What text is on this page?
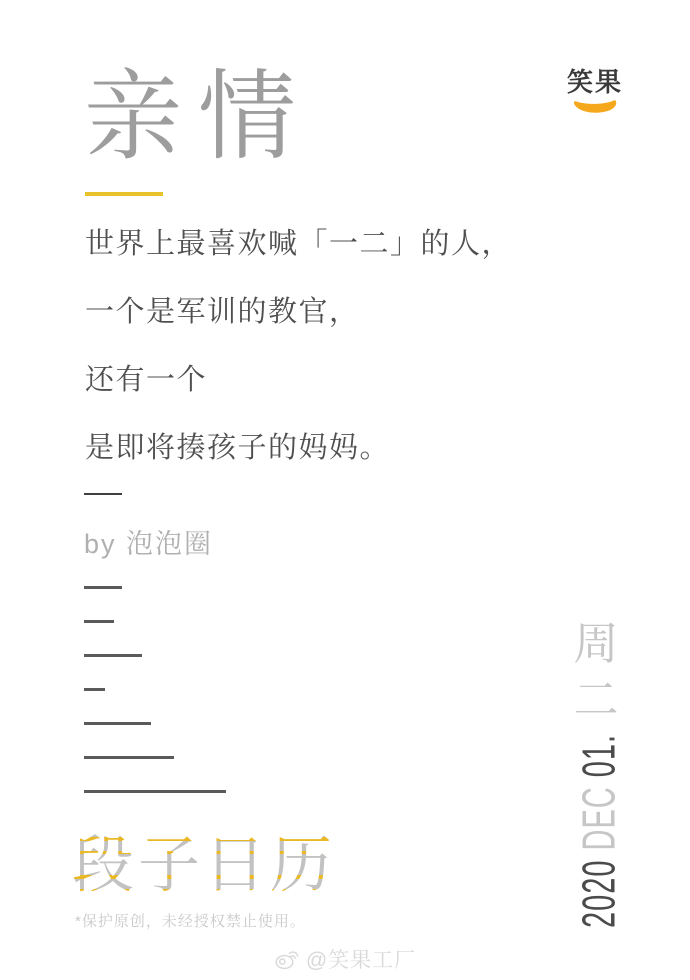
笑果
亲情
世界上最喜欢喊「一二」的人，
一个是军训的教官，
还有一个
是即将揍孩子的妈妈。
by 泡泡圈
段子日历
*保护原创，未经授权禁止使用。
@笑果工厂
周
二
2020DEC01.
